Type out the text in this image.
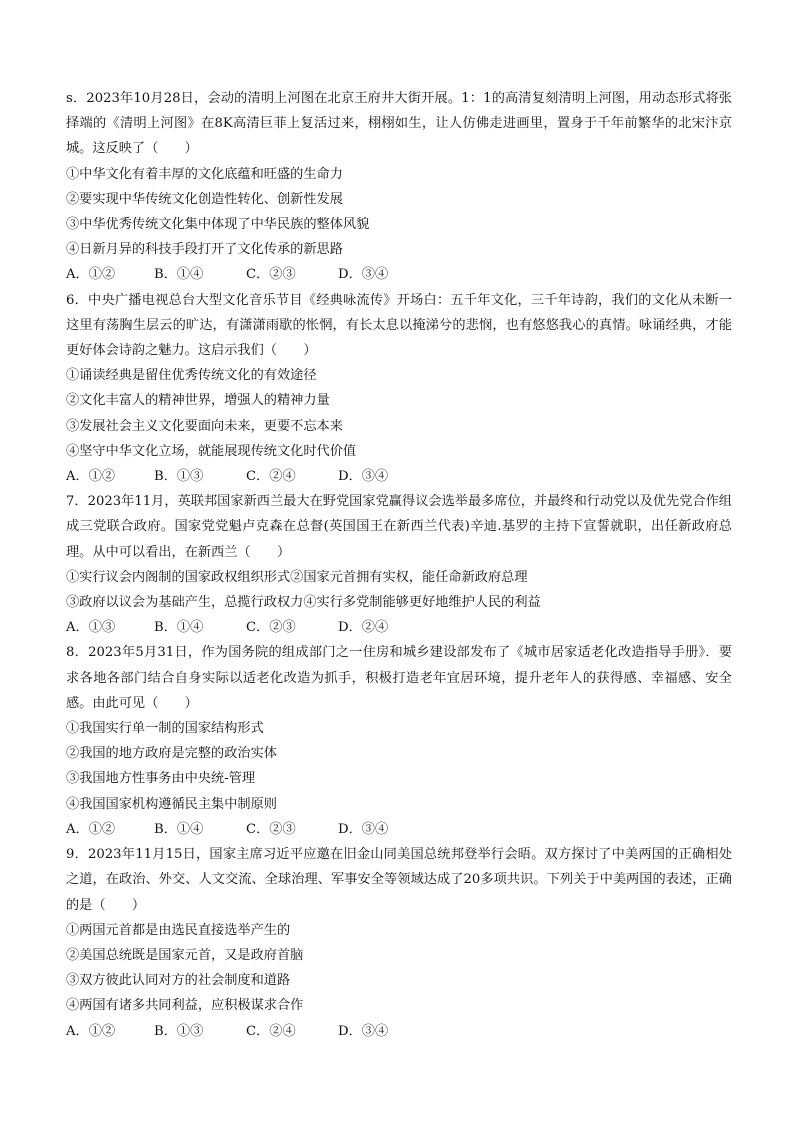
s．2023年10月28日，会动的清明上河图在北京王府井大街开展。1：1的高清复刻清明上河图，用动态形式将张择端的《清明上河图》在8K高清巨菲上复活过来，栩栩如生，让人仿佛走进画里，置身于千年前繁华的北宋汴京城。这反映了（　　）

①中华文化有着丰厚的文化底蕴和旺盛的生命力

②要实现中华传统文化创造性转化、创新性发展

③中华优秀传统文化集中体现了中华民族的整体风貌

④日新月异的科技手段打开了文化传承的新思路

A．①②	B．①④	C．②③	D．③④

6．中央广播电视总台大型文化音乐节目《经典咏流传》开场白：五千年文化，三千年诗韵，我们的文化从未断一这里有荡胸生层云的旷达，有潇潇雨歇的怅惘，有长太息以掩涕兮的悲悯，也有悠悠我心的真情。咏诵经典，才能更好体会诗韵之魅力。这启示我们（　　）

①诵读经典是留住优秀传统文化的有效途径

②文化丰富人的精神世界，增强人的精神力量

③发展社会主义文化要面向未来，更要不忘本来

④坚守中华文化立场，就能展现传统文化时代价值

A．①②	B．①③	C．②④	D．③④

7．2023年11月，英联邦国家新西兰最大在野党国家党赢得议会选举最多席位，并最终和行动党以及优先党合作组成三党联合政府。国家党党魁卢克森在总督(英国国王在新西兰代表)辛迪.基罗的主持下宣誓就职，出任新政府总理。从中可以看出，在新西兰（　　）

①实行议会内阁制的国家政权组织形式②国家元首拥有实权，能任命新政府总理

③政府以议会为基础产生，总揽行政权力④实行多党制能够更好地维护人民的利益

A．①③	B．①④	C．②③	D．②④

8．2023年5月31日，作为国务院的组成部门之一住房和城乡建设部发布了《城市居家适老化改造指导手册》．要求各地各部门结合自身实际以适老化改造为抓手，积极打造老年宜居环境，提升老年人的获得感、幸福感、安全感。由此可见（　　）

①我国实行单一制的国家结构形式

②我国的地方政府是完整的政治实体

③我国地方性事务由中央统-管理

④我国国家机构遵循民主集中制原则

A．①②	B．①④	C．②③	D．③④

9．2023年11月15日，国家主席习近平应邀在旧金山同美国总统邦登举行会晤。双方探讨了中美两国的正确相处之道，在政治、外交、人文交流、全球治理、军事安全等领域达成了20多项共识。下列关于中美两国的表述，正确的是（　　）

①两国元首都是由选民直接选举产生的

②美国总统既是国家元首，又是政府首脑

③双方彼此认同对方的社会制度和道路

④两国有诸多共同利益，应积极谋求合作

A．①②	B．①③	C．②④	D．③④
